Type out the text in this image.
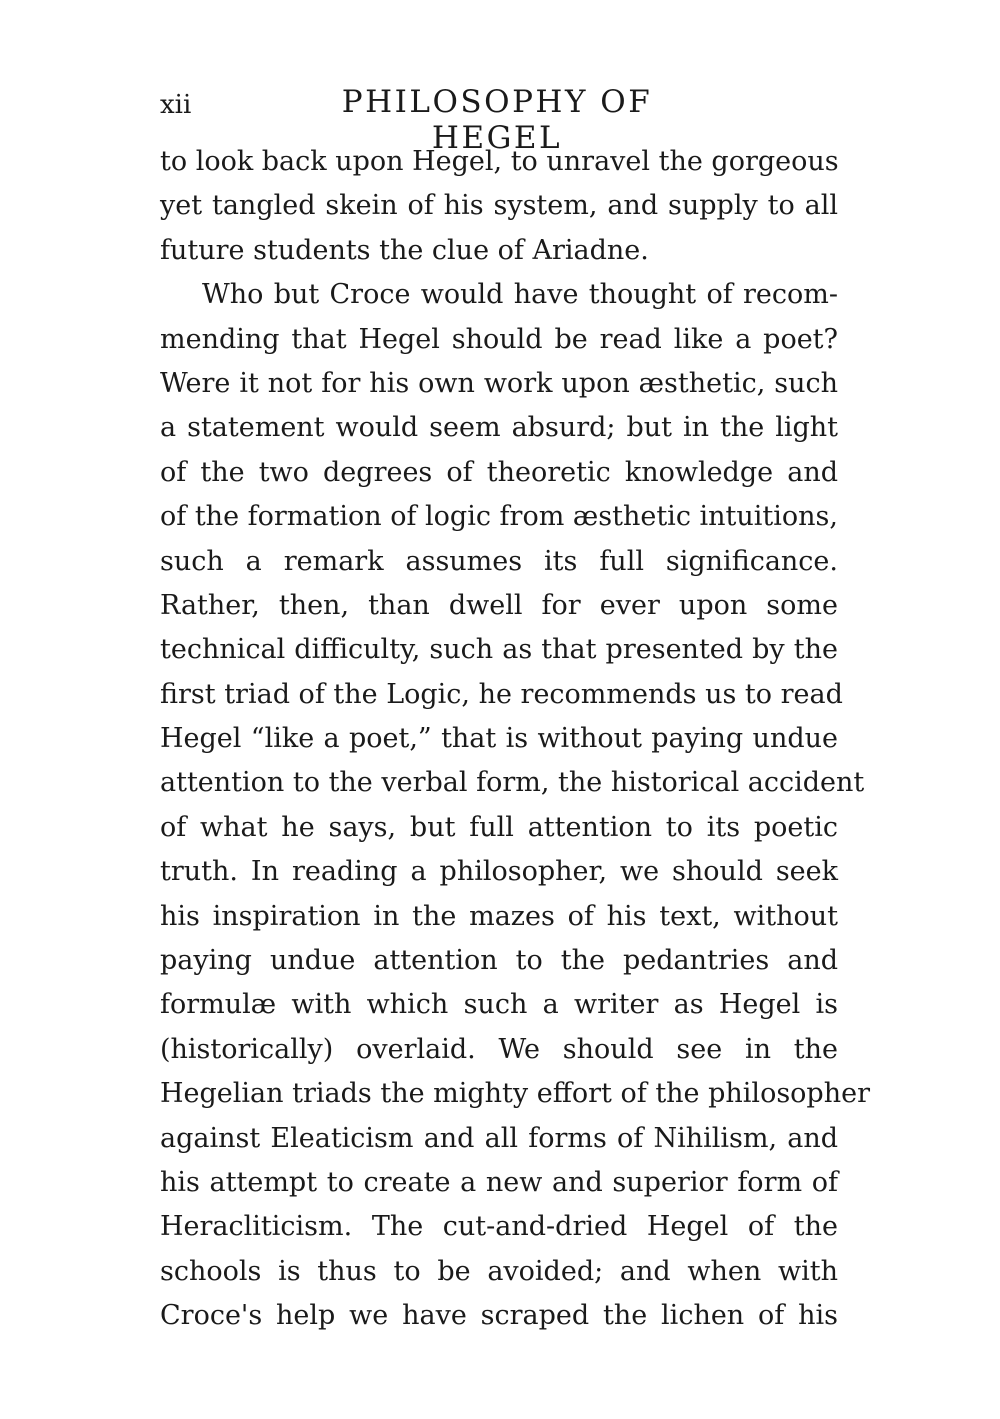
xii	PHILOSOPHY OF HEGEL
to look back upon Hegel, to unravel the gorgeous
yet tangled skein of his system, and supply to all
future students the clue of Ariadne.
Who but Croce would have thought of recom-
mending that Hegel should be read like a poet?
Were it not for his own work upon æsthetic, such
a statement would seem absurd; but in the light
of the two degrees of theoretic knowledge and
of the formation of logic from æsthetic intuitions,
such a remark assumes its full significance.
Rather, then, than dwell for ever upon some
technical difficulty, such as that presented by the
first triad of the Logic, he recommends us to read
Hegel “like a poet,” that is without paying undue
attention to the verbal form, the historical accident
of what he says, but full attention to its poetic
truth. In reading a philosopher, we should seek
his inspiration in the mazes of his text, without
paying undue attention to the pedantries and
formulæ with which such a writer as Hegel is
(historically) overlaid. We should see in the
Hegelian triads the mighty effort of the philosopher
against Eleaticism and all forms of Nihilism, and
his attempt to create a new and superior form of
Heracliticism. The cut-and-dried Hegel of the
schools is thus to be avoided; and when with
Croce's help we have scraped the lichen of his
